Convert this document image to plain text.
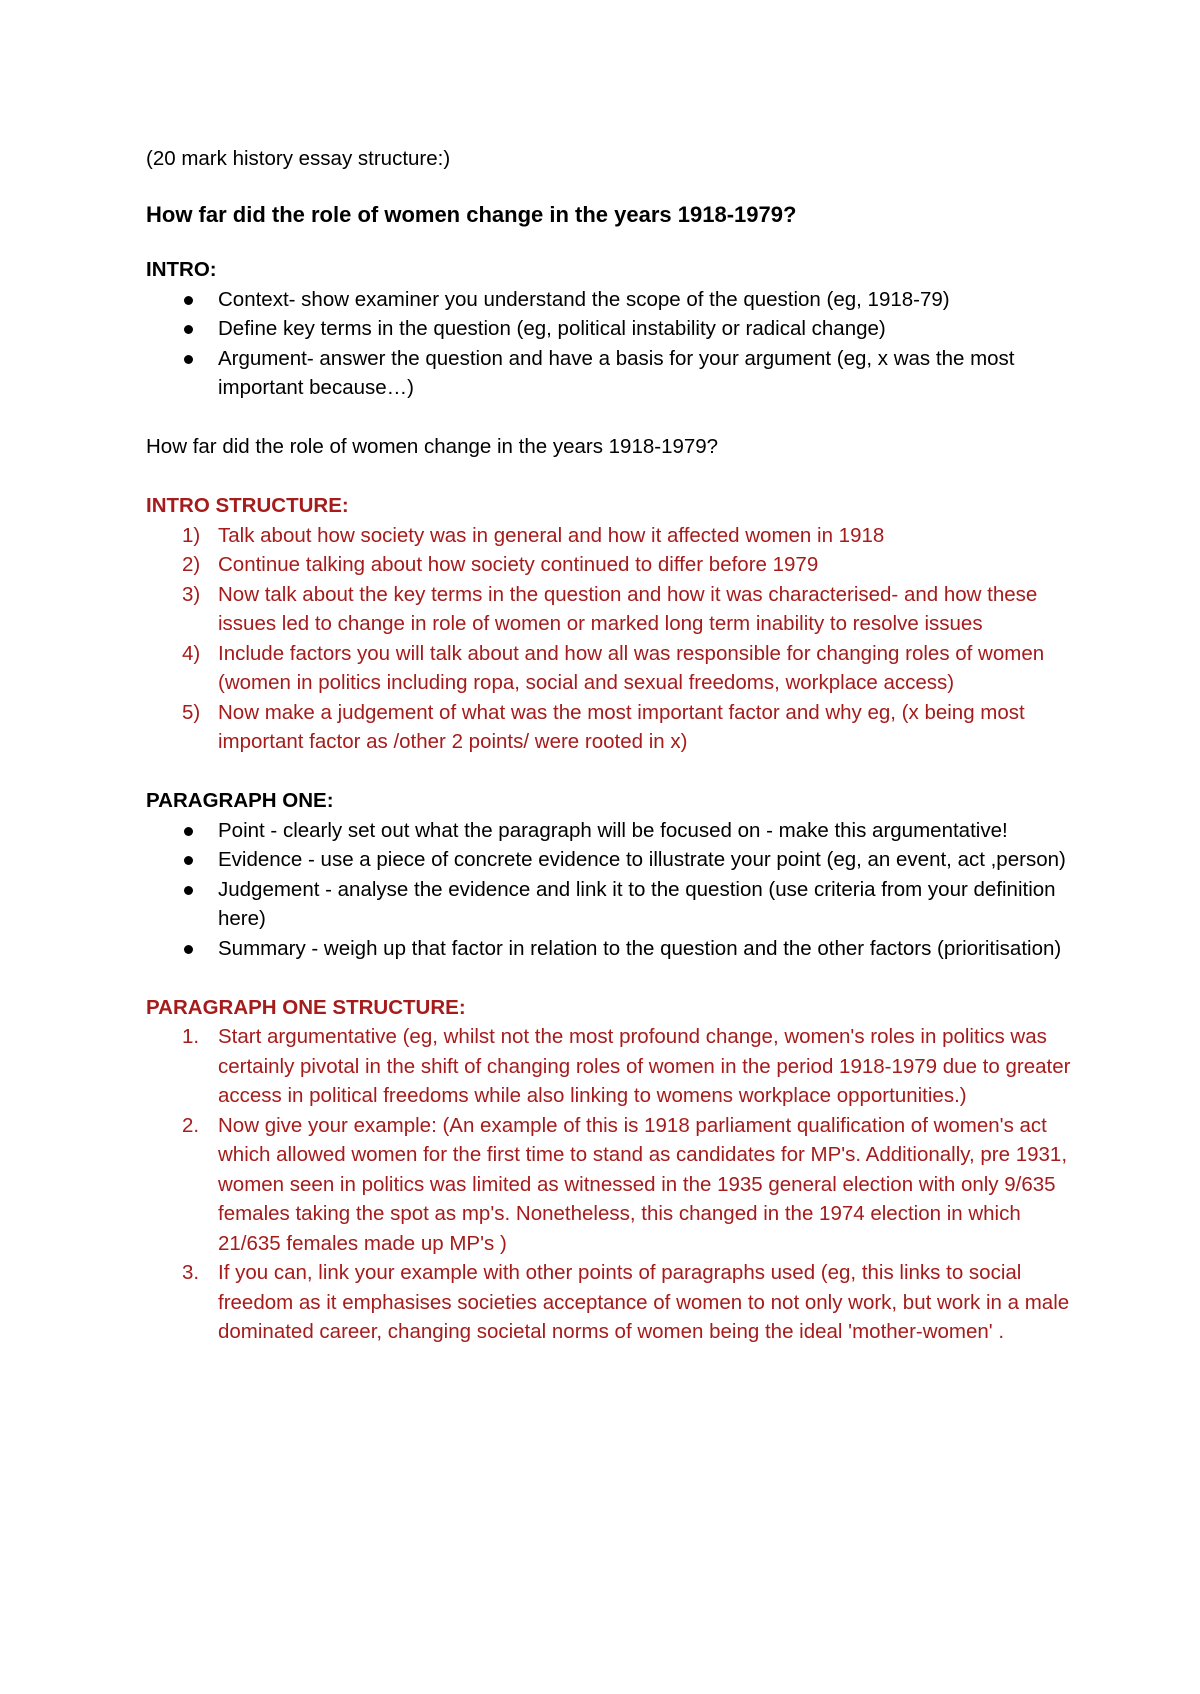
(20 mark history essay structure:)

How far did the role of women change in the years 1918-1979?

INTRO:

Context- show examiner you understand the scope of the question (eg, 1918-79)
Define key terms in the question (eg, political instability or radical change)
Argument- answer the question and have a basis for your argument (eg, x was the most important because…)

How far did the role of women change in the years 1918-1979?

INTRO STRUCTURE:

1) Talk about how society was in general and how it affected women in 1918
2) Continue talking about how society continued to differ before 1979
3) Now talk about the key terms in the question and how it was characterised- and how these issues led to change in role of women or marked long term inability to resolve issues
4) Include factors you will talk about and how all was responsible for changing roles of women (women in politics including ropa, social and sexual freedoms, workplace access)
5) Now make a judgement of what was the most important factor and why eg, (x being most important factor as /other 2 points/ were rooted in x)

PARAGRAPH ONE:

Point - clearly set out what the paragraph will be focused on - make this argumentative!
Evidence - use a piece of concrete evidence to illustrate your point (eg, an event, act ,person)
Judgement - analyse the evidence and link it to the question (use criteria from your definition here)
Summary - weigh up that factor in relation to the question and the other factors (prioritisation)

PARAGRAPH ONE STRUCTURE:

1. Start argumentative (eg, whilst not the most profound change, women's roles in politics was certainly pivotal in the shift of changing roles of women in the period 1918-1979 due to greater access in political freedoms while also linking to womens workplace opportunities.)
2. Now give your example: (An example of this is 1918 parliament qualification of women's act which allowed women for the first time to stand as candidates for MP's. Additionally, pre 1931, women seen in politics was limited as witnessed in the 1935 general election with only 9/635 females taking the spot as mp's. Nonetheless, this changed in the 1974 election in which 21/635 females made up MP's )
3. If you can, link your example with other points of paragraphs used (eg, this links to social freedom as it emphasises societies acceptance of women to not only work, but work in a male dominated career, changing societal norms of women being the ideal 'mother-women' .
